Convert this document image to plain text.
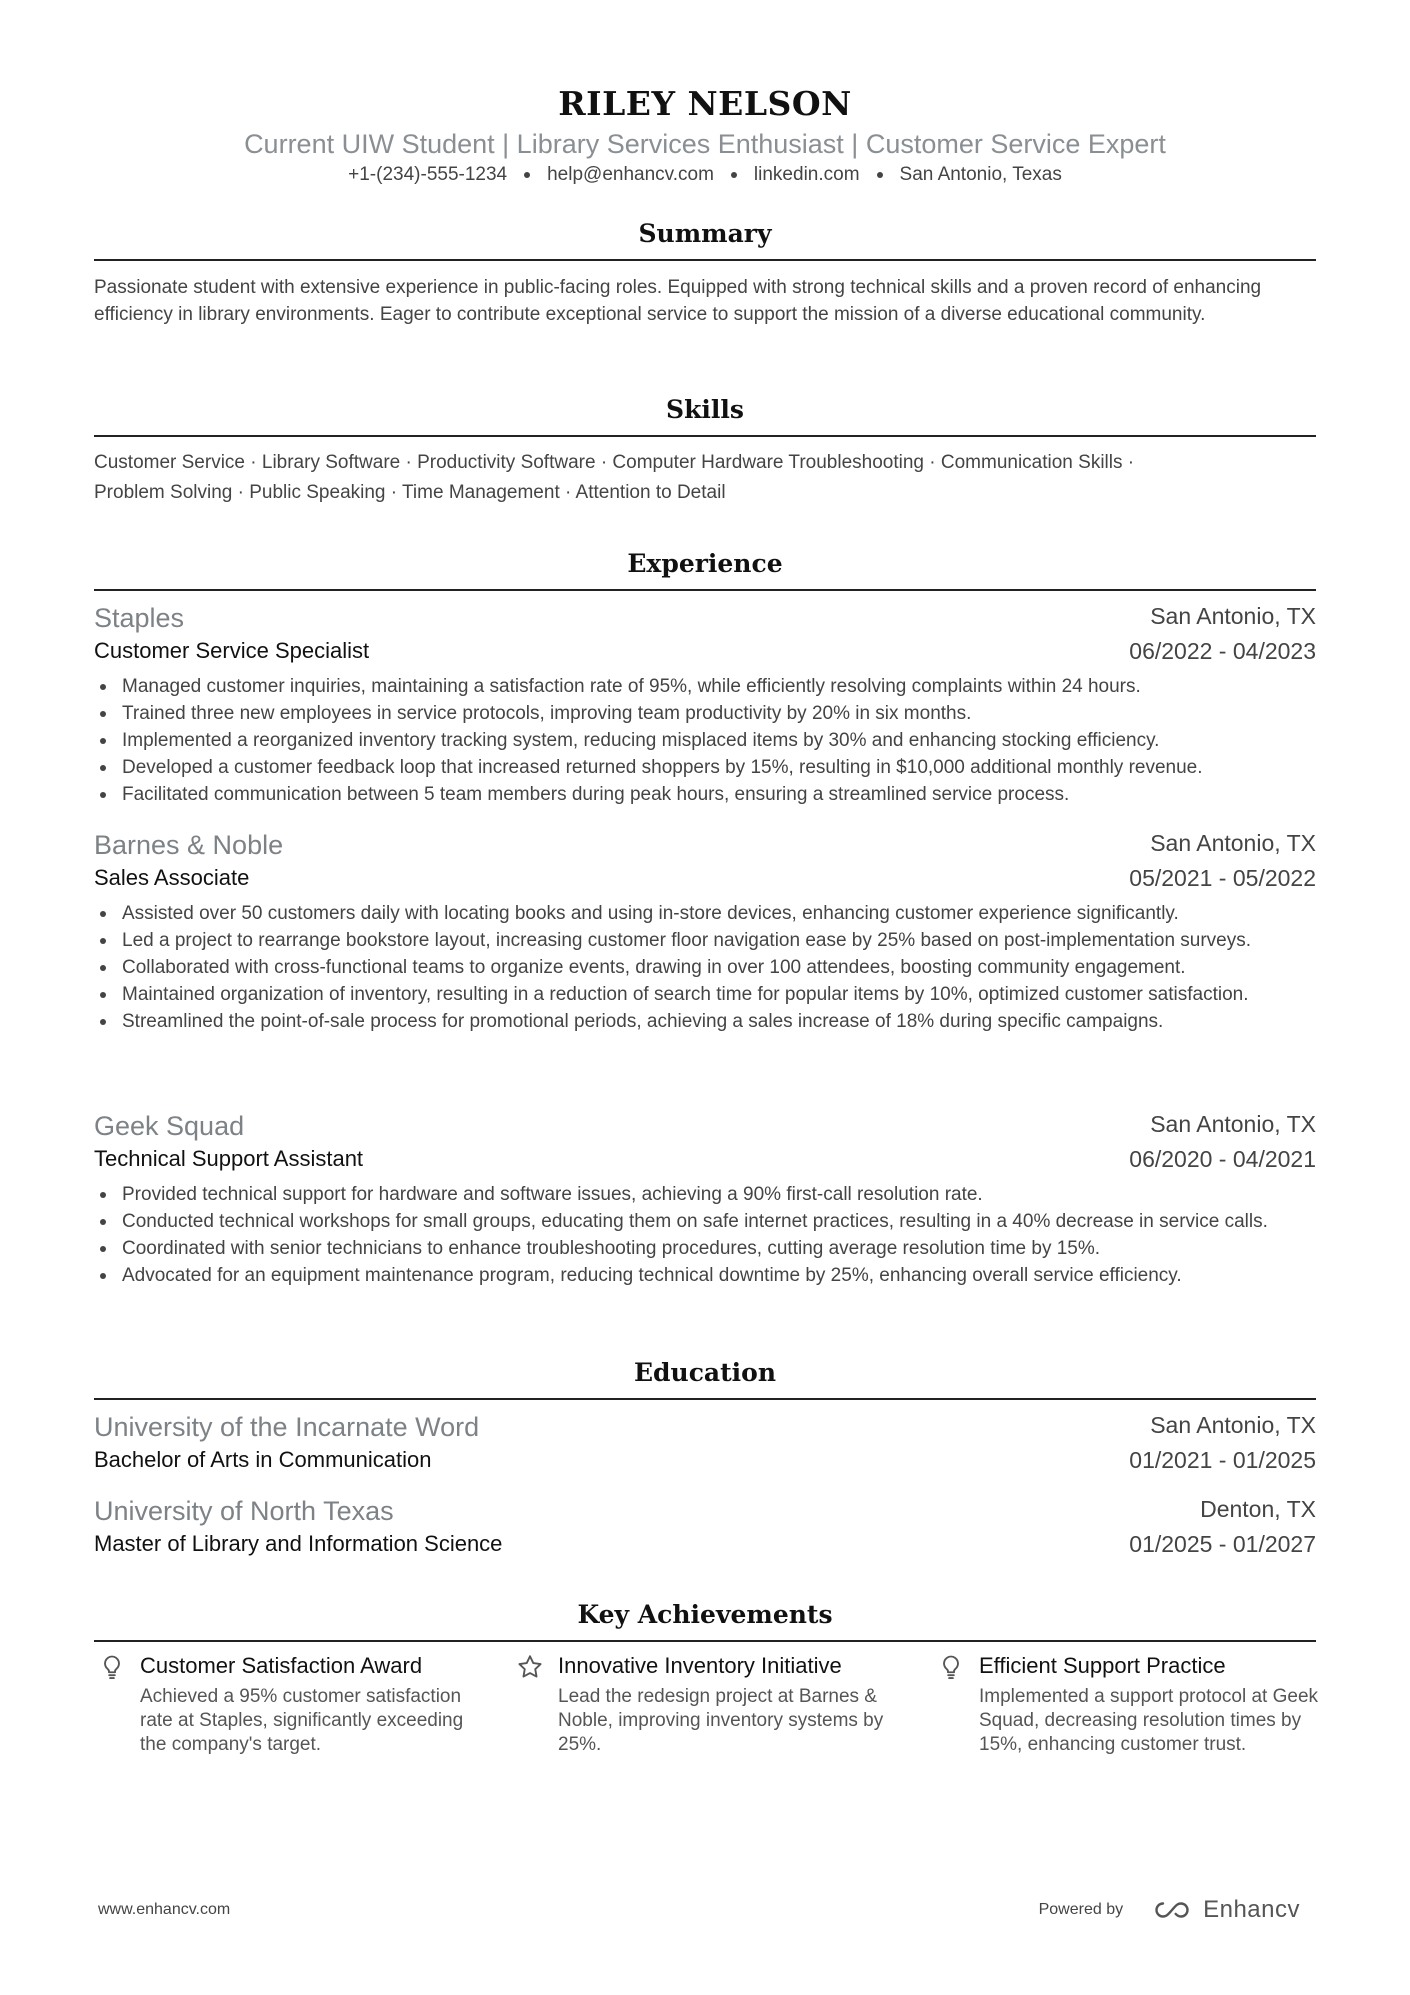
RILEY NELSON
Current UIW Student | Library Services Enthusiast | Customer Service Expert
+1-(234)-555-1234 help@enhancv.com linkedin.com San Antonio, Texas
Summary
Passionate student with extensive experience in public-facing roles. Equipped with strong technical skills and a proven record of enhancing efficiency in library environments. Eager to contribute exceptional service to support the mission of a diverse educational community.
Skills
Customer Service · Library Software · Productivity Software · Computer Hardware Troubleshooting · Communication Skills ·
Problem Solving · Public Speaking · Time Management · Attention to Detail
Experience
Staples	San Antonio, TX
Customer Service Specialist	06/2022 - 04/2023
Managed customer inquiries, maintaining a satisfaction rate of 95%, while efficiently resolving complaints within 24 hours.
Trained three new employees in service protocols, improving team productivity by 20% in six months.
Implemented a reorganized inventory tracking system, reducing misplaced items by 30% and enhancing stocking efficiency.
Developed a customer feedback loop that increased returned shoppers by 15%, resulting in $10,000 additional monthly revenue.
Facilitated communication between 5 team members during peak hours, ensuring a streamlined service process.
Barnes & Noble	San Antonio, TX
Sales Associate	05/2021 - 05/2022
Assisted over 50 customers daily with locating books and using in-store devices, enhancing customer experience significantly.
Led a project to rearrange bookstore layout, increasing customer floor navigation ease by 25% based on post-implementation surveys.
Collaborated with cross-functional teams to organize events, drawing in over 100 attendees, boosting community engagement.
Maintained organization of inventory, resulting in a reduction of search time for popular items by 10%, optimized customer satisfaction.
Streamlined the point-of-sale process for promotional periods, achieving a sales increase of 18% during specific campaigns.
Geek Squad	San Antonio, TX
Technical Support Assistant	06/2020 - 04/2021
Provided technical support for hardware and software issues, achieving a 90% first-call resolution rate.
Conducted technical workshops for small groups, educating them on safe internet practices, resulting in a 40% decrease in service calls.
Coordinated with senior technicians to enhance troubleshooting procedures, cutting average resolution time by 15%.
Advocated for an equipment maintenance program, reducing technical downtime by 25%, enhancing overall service efficiency.
Education
University of the Incarnate Word	San Antonio, TX
Bachelor of Arts in Communication	01/2021 - 01/2025
University of North Texas	Denton, TX
Master of Library and Information Science	01/2025 - 01/2027
Key Achievements
Customer Satisfaction Award
Achieved a 95% customer satisfaction rate at Staples, significantly exceeding the company's target.
Innovative Inventory Initiative
Lead the redesign project at Barnes & Noble, improving inventory systems by 25%.
Efficient Support Practice
Implemented a support protocol at Geek Squad, decreasing resolution times by 15%, enhancing customer trust.
www.enhancv.com	Powered by	Enhancv
